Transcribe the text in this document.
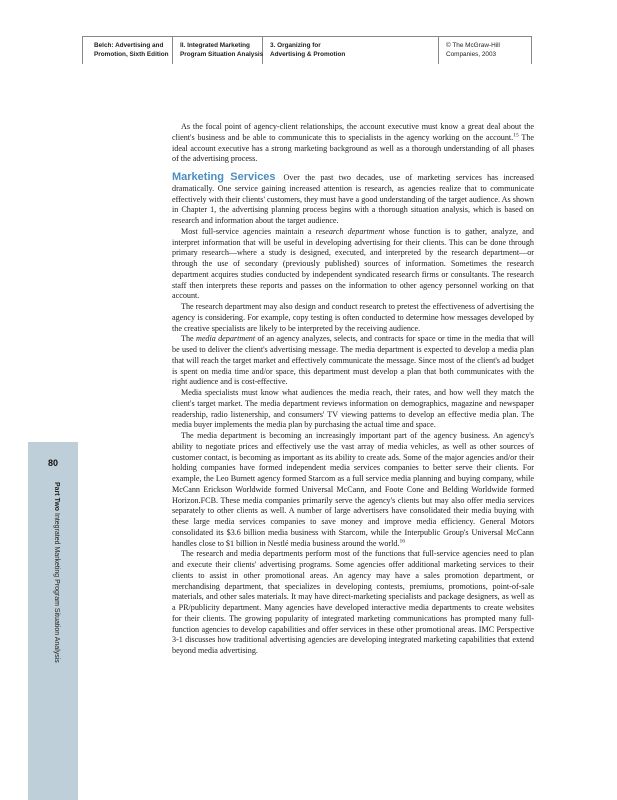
Belch: Advertising and
Promotion, Sixth Edition
II. Integrated Marketing
Program Situation Analysis
3. Organizing for
Advertising & Promotion
© The McGraw-Hill
Companies, 2003
80
Part Two Integrated Marketing Program Situation Analysis

As the focal point of agency-client relationships, the account executive must know a great deal about the client's business and be able to communicate this to specialists in the agency working on the account.$^{15}$ The ideal account executive has a strong marketing background as well as a thorough understanding of all phases of the advertising process.

Marketing Services Over the past two decades, use of marketing services has increased dramatically. One service gaining increased attention is research, as agencies realize that to communicate effectively with their clients' customers, they must have a good understanding of the target audience. As shown in Chapter 1, the advertising planning process begins with a thorough situation analysis, which is based on research and information about the target audience.

Most full-service agencies maintain a research department whose function is to gather, analyze, and interpret information that will be useful in developing advertising for their clients. This can be done through primary research—where a study is designed, executed, and interpreted by the research department—or through the use of secondary (previously published) sources of information. Sometimes the research department acquires studies conducted by independent syndicated research firms or consultants. The research staff then interprets these reports and passes on the information to other agency personnel working on that account.

The research department may also design and conduct research to pretest the effectiveness of advertising the agency is considering. For example, copy testing is often conducted to determine how messages developed by the creative specialists are likely to be interpreted by the receiving audience.

The media department of an agency analyzes, selects, and contracts for space or time in the media that will be used to deliver the client's advertising message. The media department is expected to develop a media plan that will reach the target market and effectively communicate the message. Since most of the client's ad budget is spent on media time and/or space, this department must develop a plan that both communicates with the right audience and is cost-effective.

Media specialists must know what audiences the media reach, their rates, and how well they match the client's target market. The media department reviews information on demographics, magazine and newspaper readership, radio listenership, and consumers' TV viewing patterns to develop an effective media plan. The media buyer implements the media plan by purchasing the actual time and space.

The media department is becoming an increasingly important part of the agency business. An agency's ability to negotiate prices and effectively use the vast array of media vehicles, as well as other sources of customer contact, is becoming as important as its ability to create ads. Some of the major agencies and/or their holding companies have formed independent media services companies to better serve their clients. For example, the Leo Burnett agency formed Starcom as a full service media planning and buying company, while McCann Erickson Worldwide formed Universal McCann, and Foote Cone and Belding Worldwide formed Horizon.FCB. These media companies primarily serve the agency's clients but may also offer media services separately to other clients as well. A number of large advertisers have consolidated their media buying with these large media services companies to save money and improve media efficiency. General Motors consolidated its $3.6 billion media business with Starcom, while the Interpublic Group's Universal McCann handles close to $1 billion in Nestlé media business around the world.$^{16}$

The research and media departments perform most of the functions that full-service agencies need to plan and execute their clients' advertising programs. Some agencies offer additional marketing services to their clients to assist in other promotional areas. An agency may have a sales promotion department, or merchandising department, that specializes in developing contests, premiums, promotions, point-of-sale materials, and other sales materials. It may have direct-marketing specialists and package designers, as well as a PR/publicity department. Many agencies have developed interactive media departments to create websites for their clients. The growing popularity of integrated marketing communications has prompted many full-function agencies to develop capabilities and offer services in these other promotional areas. IMC Perspective 3-1 discusses how traditional advertising agencies are developing integrated marketing capabilities that extend beyond media advertising.
